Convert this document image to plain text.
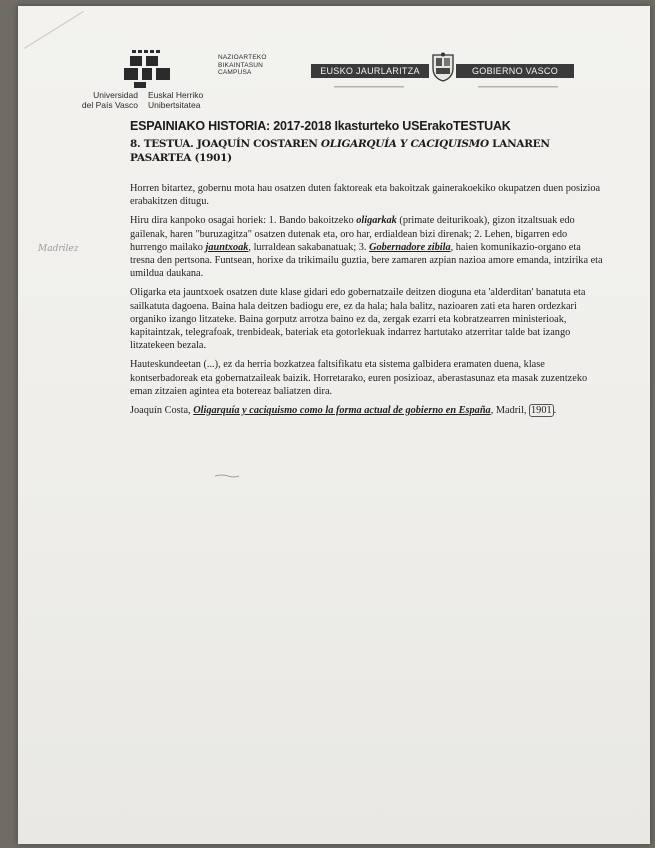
Universidad
del País Vasco
Euskal Herriko
Unibertsitatea
NAZIOARTEKO
BIKAINTASUN
CAMPUSA	EUSKO JAURLARITZA	GOBIERNO VASCO
ESPAINIAKO HISTORIA: 2017-2018 Ikasturteko USErakoTESTUAK
8. TESTUA. JOAQUÍN COSTAREN OLIGARQUÍA Y CACIQUISMO LANAREN PASARTEA (1901)
Madrilez

Horren bitartez, gobernu mota hau osatzen duten faktoreak eta bakoitzak gainerakoekiko okupatzen duen posizioa erabakitzen ditugu.

Hiru dira kanpoko osagai horiek: 1. Bando bakoitzeko oligarkak (primate deiturikoak), gizon itzaltsuak edo gailenak, haren "buruzagitza" osatzen dutenak eta, oro har, erdialdean bizi direnak; 2. Lehen, bigarren edo hurrengo mailako jauntxoak, lurraldean sakabanatuak; 3. Gobernadore zibila, haien komunikazio-organo eta tresna den pertsona. Funtsean, horixe da trikimailu guztia, bere zamaren azpian nazioa amore emanda, intzirika eta umildua daukana.

Oligarka eta jauntxoek osatzen dute klase gidari edo gobernatzaile deitzen dioguna eta 'alderditan' banatuta eta sailkatuta dagoena. Baina hala deitzen badiogu ere, ez da hala; hala balitz, nazioaren zati eta haren ordezkari organiko izango litzateke. Baina gorputz arrotza baino ez da, zergak ezarri eta kobratzearren ministerioak, kapitaintzak, telegrafoak, trenbideak, bateriak eta gotorlekuak indarrez hartutako atzerritar talde bat izango litzatekeen bezala.

Hauteskundeetan (...), ez da herria bozkatzea faltsifikatu eta sistema galbidera eramaten duena, klase kontserbadoreak eta gobernatzaileak baizik. Horretarako, euren posizioaz, aberastasunaz eta masak zuzentzeko eman zitzaien agintea eta botereaz baliatzen dira.

Joaquín Costa, Oligarquía y caciquismo como la forma actual de gobierno en España, Madril, 1901 .
